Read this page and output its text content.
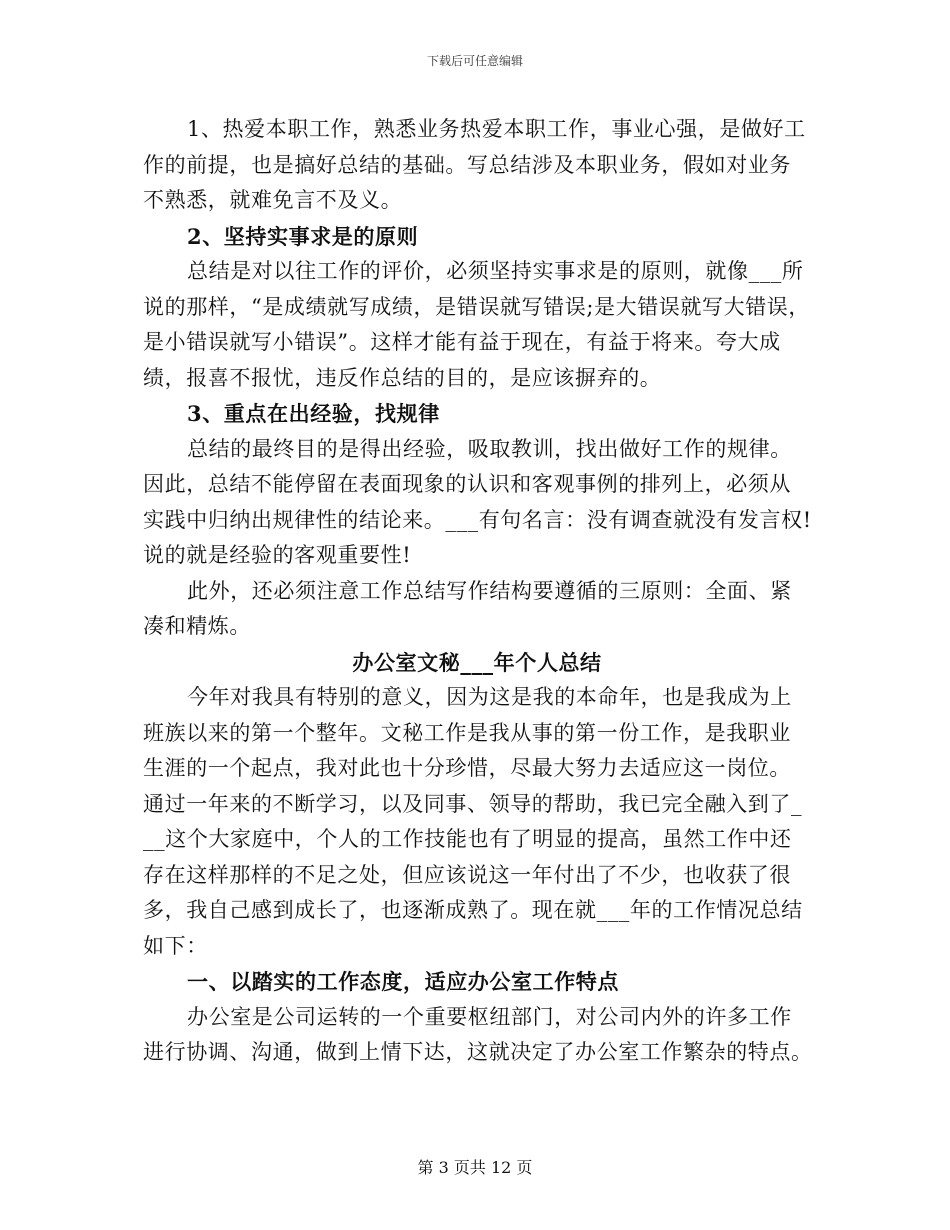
下载后可任意编辑
1、热爱本职工作，熟悉业务热爱本职工作，事业心强，是做好工
作的前提，也是搞好总结的基础。写总结涉及本职业务，假如对业务
不熟悉，就难免言不及义。
2、坚持实事求是的原则
总结是对以往工作的评价，必须坚持实事求是的原则，就像___所
说的那样，“是成绩就写成绩，是错误就写错误;是大错误就写大错误，
是小错误就写小错误”。这样才能有益于现在，有益于将来。夸大成
绩，报喜不报忧，违反作总结的目的，是应该摒弃的。
3、重点在出经验，找规律
总结的最终目的是得出经验，吸取教训，找出做好工作的规律。
因此，总结不能停留在表面现象的认识和客观事例的排列上，必须从
实践中归纳出规律性的结论来。___有句名言：没有调查就没有发言权!
说的就是经验的客观重要性!
此外，还必须注意工作总结写作结构要遵循的三原则：全面、紧
凑和精炼。
办公室文秘___年个人总结
今年对我具有特别的意义，因为这是我的本命年，也是我成为上
班族以来的第一个整年。文秘工作是我从事的第一份工作，是我职业
生涯的一个起点，我对此也十分珍惜，尽最大努力去适应这一岗位。
通过一年来的不断学习，以及同事、领导的帮助，我已完全融入到了_
__这个大家庭中，个人的工作技能也有了明显的提高，虽然工作中还
存在这样那样的不足之处，但应该说这一年付出了不少，也收获了很
多，我自己感到成长了，也逐渐成熟了。现在就___年的工作情况总结
如下：
一、以踏实的工作态度，适应办公室工作特点
办公室是公司运转的一个重要枢纽部门，对公司内外的许多工作
进行协调、沟通，做到上情下达，这就决定了办公室工作繁杂的特点。
第 3 页共 12 页
